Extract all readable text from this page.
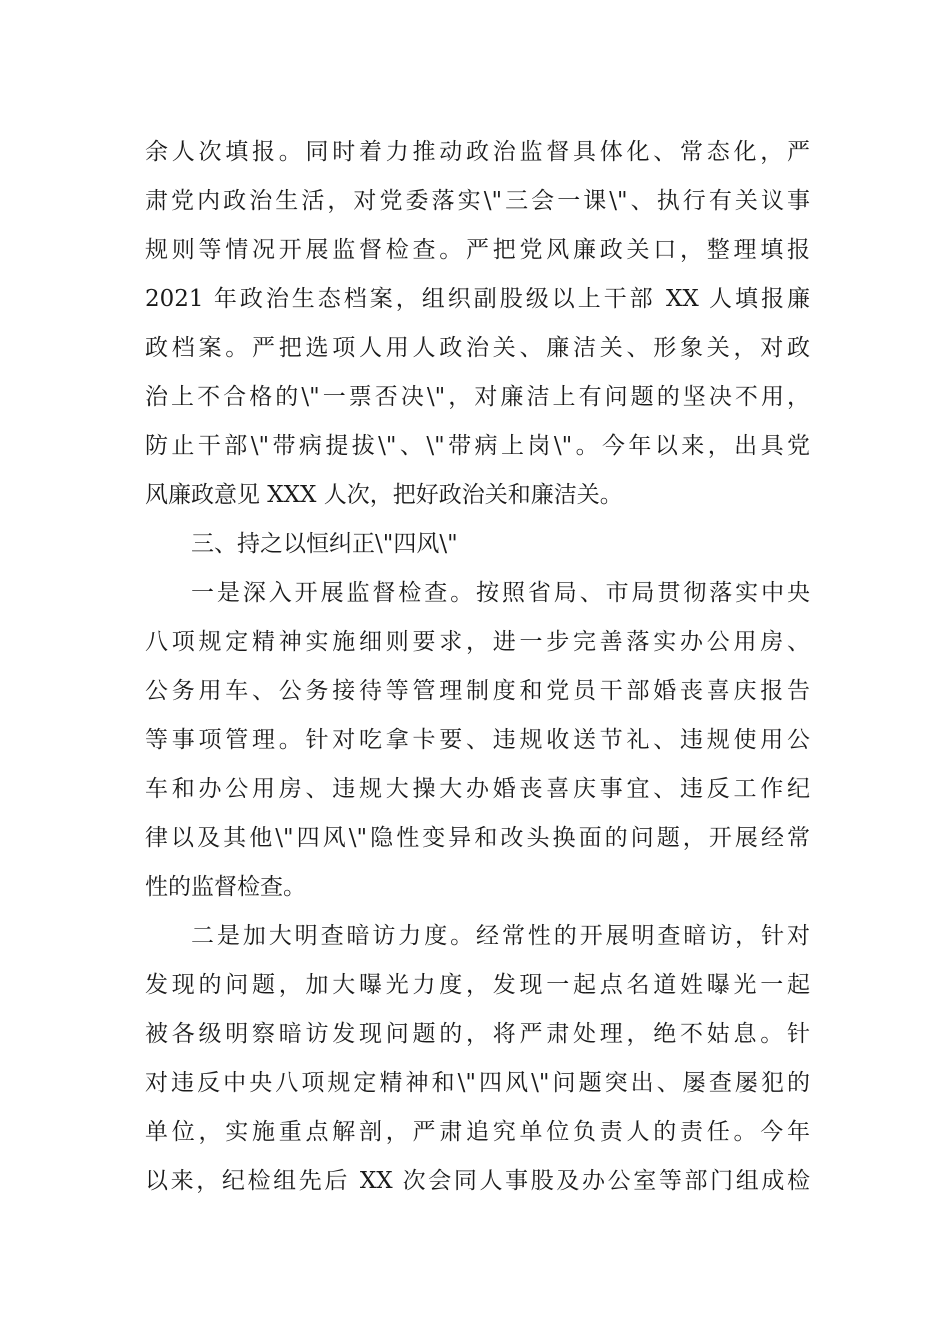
余人次填报。同时着力推动政治监督具体化、常态化，严
肃党内政治生活，对党委落实\"三会一课\"、执行有关议事
规则等情况开展监督检查。严把党风廉政关口，整理填报
2021 年政治生态档案，组织副股级以上干部 XX 人填报廉
政档案。严把选项人用人政治关、廉洁关、形象关，对政
治上不合格的\"一票否决\"，对廉洁上有问题的坚决不用，
防止干部\"带病提拔\"、\"带病上岗\"。今年以来，出具党
风廉政意见 XXX 人次，把好政治关和廉洁关。
三、持之以恒纠正\"四风\"
一是深入开展监督检查。按照省局、市局贯彻落实中央
八项规定精神实施细则要求，进一步完善落实办公用房、
公务用车、公务接待等管理制度和党员干部婚丧喜庆报告
等事项管理。针对吃拿卡要、违规收送节礼、违规使用公
车和办公用房、违规大操大办婚丧喜庆事宜、违反工作纪
律以及其他\"四风\"隐性变异和改头换面的问题，开展经常
性的监督检查。
二是加大明查暗访力度。经常性的开展明查暗访，针对
发现的问题，加大曝光力度，发现一起点名道姓曝光一起
被各级明察暗访发现问题的，将严肃处理，绝不姑息。针
对违反中央八项规定精神和\"四风\"问题突出、屡查屡犯的
单位，实施重点解剖，严肃追究单位负责人的责任。今年
以来，纪检组先后 XX 次会同人事股及办公室等部门组成检
